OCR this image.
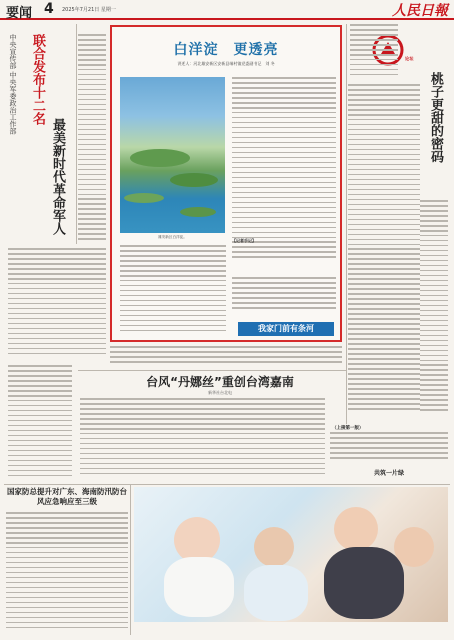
要闻 4 2025年7月21日 星期一	人民日報
中央宣传部 中央军委政治工作部 联合发布十二名
最美新时代革命军人
白洋淀　更透亮
讲述人：河北雄安新区安新县端村镇党委副书记　刘 冬
雄安新区白洋淀。
我家门前有条河
【记者手记】
论坛
桃子更甜的密码
台风“丹娜丝”重创台湾嘉南
新华社台北电
（上接第一版）
共筑一片绿
国家防总提升对广东、海南防汛防台风应急响应至三级
